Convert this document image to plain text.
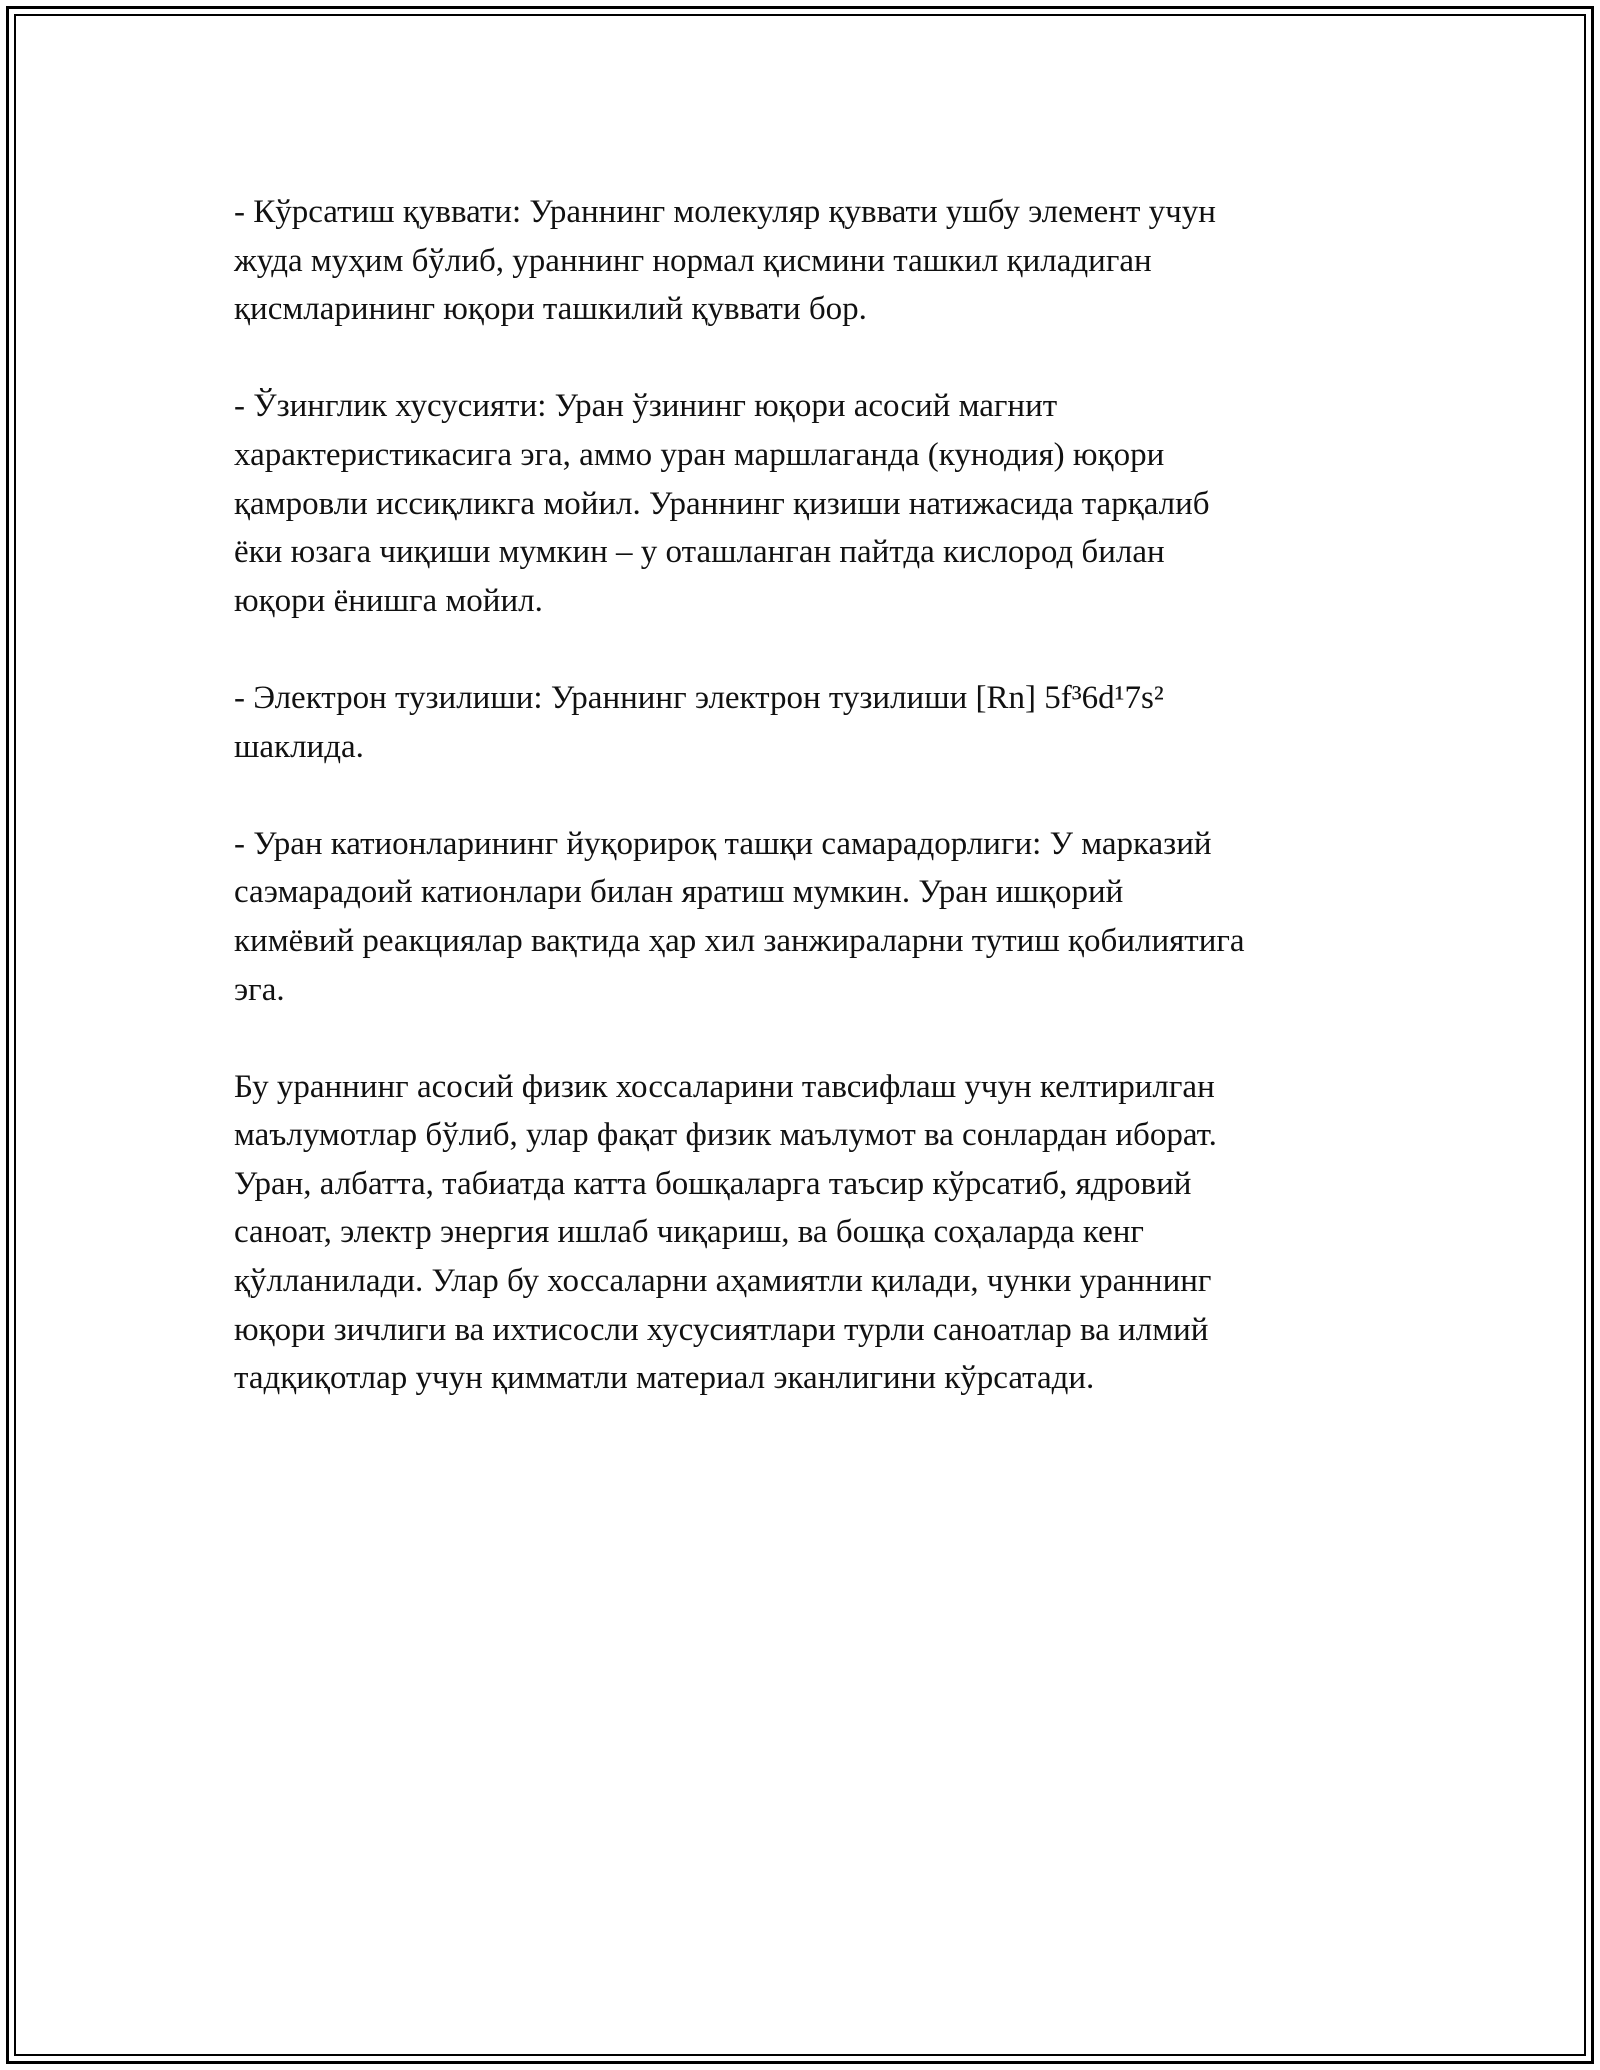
- Кўрсатиш қуввати: Ураннинг молекуляр қуввати ушбу элемент учун
жуда муҳим бўлиб, ураннинг нормал қисмини ташкил қиладиган
қисмларининг юқори ташкилий қуввати бор.

- Ўзинглик хусусияти: Уран ўзининг юқори асосий магнит
характеристикасига эга, аммо уран маршлаганда (кунодия) юқори
қамровли иссиқликга мойил. Ураннинг қизиши натижасида тарқалиб
ёки юзага чиқиши мумкин – у оташланган пайтда кислород билан
юқори ёнишга мойил.

- Электрон тузилиши: Ураннинг электрон тузилиши [Rn] 5f³6d¹7s²
шаклида.

- Уран катионларининг йуқорироқ ташқи самарадорлиги: У марказий
саэмарадоий катионлари билан яратиш мумкин. Уран ишқорий
кимёвий реакциялар вақтида ҳар хил занжираларни тутиш қобилиятига
эга.

Бу ураннинг асосий физик хоссаларини тавсифлаш учун келтирилган
маълумотлар бўлиб, улар фақат физик маълумот ва сонлардан иборат.
Уран, албатта, табиатда катта бошқаларга таъсир кўрсатиб, ядровий
саноат, электр энергия ишлаб чиқариш, ва бошқа соҳаларда кенг
қўлланилади. Улар бу хоссаларни аҳамиятли қилади, чунки ураннинг
юқори зичлиги ва ихтисосли хусусиятлари турли саноатлар ва илмий
тадқиқотлар учун қимматли материал эканлигини кўрсатади.
